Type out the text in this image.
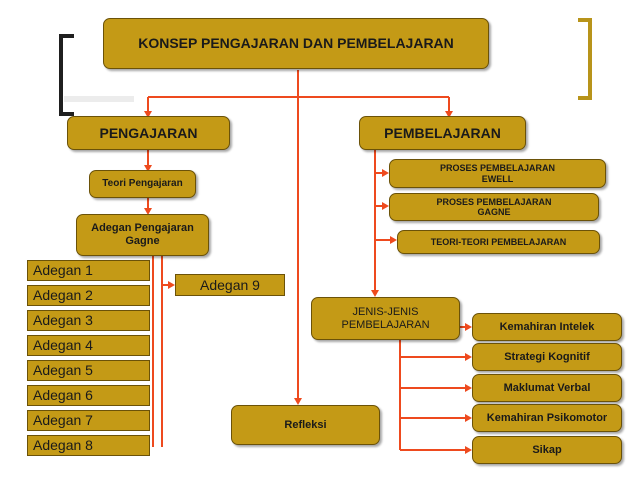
KONSEP PENGAJARAN DAN PEMBELAJARAN
PENGAJARAN
Teori Pengajaran
Adegan Pengajaran
Gagne
Adegan 1
Adegan 2
Adegan 3
Adegan 4
Adegan 5
Adegan 6
Adegan 7
Adegan 8
Adegan 9
Refleksi
PEMBELAJARAN
PROSES PEMBELAJARAN
EWELL
PROSES PEMBELAJARAN
GAGNE
TEORI-TEORI PEMBELAJARAN
JENIS-JENIS
PEMBELAJARAN	Kemahiran Intelek
Strategi Kognitif
Maklumat Verbal
Kemahiran Psikomotor
Sikap
